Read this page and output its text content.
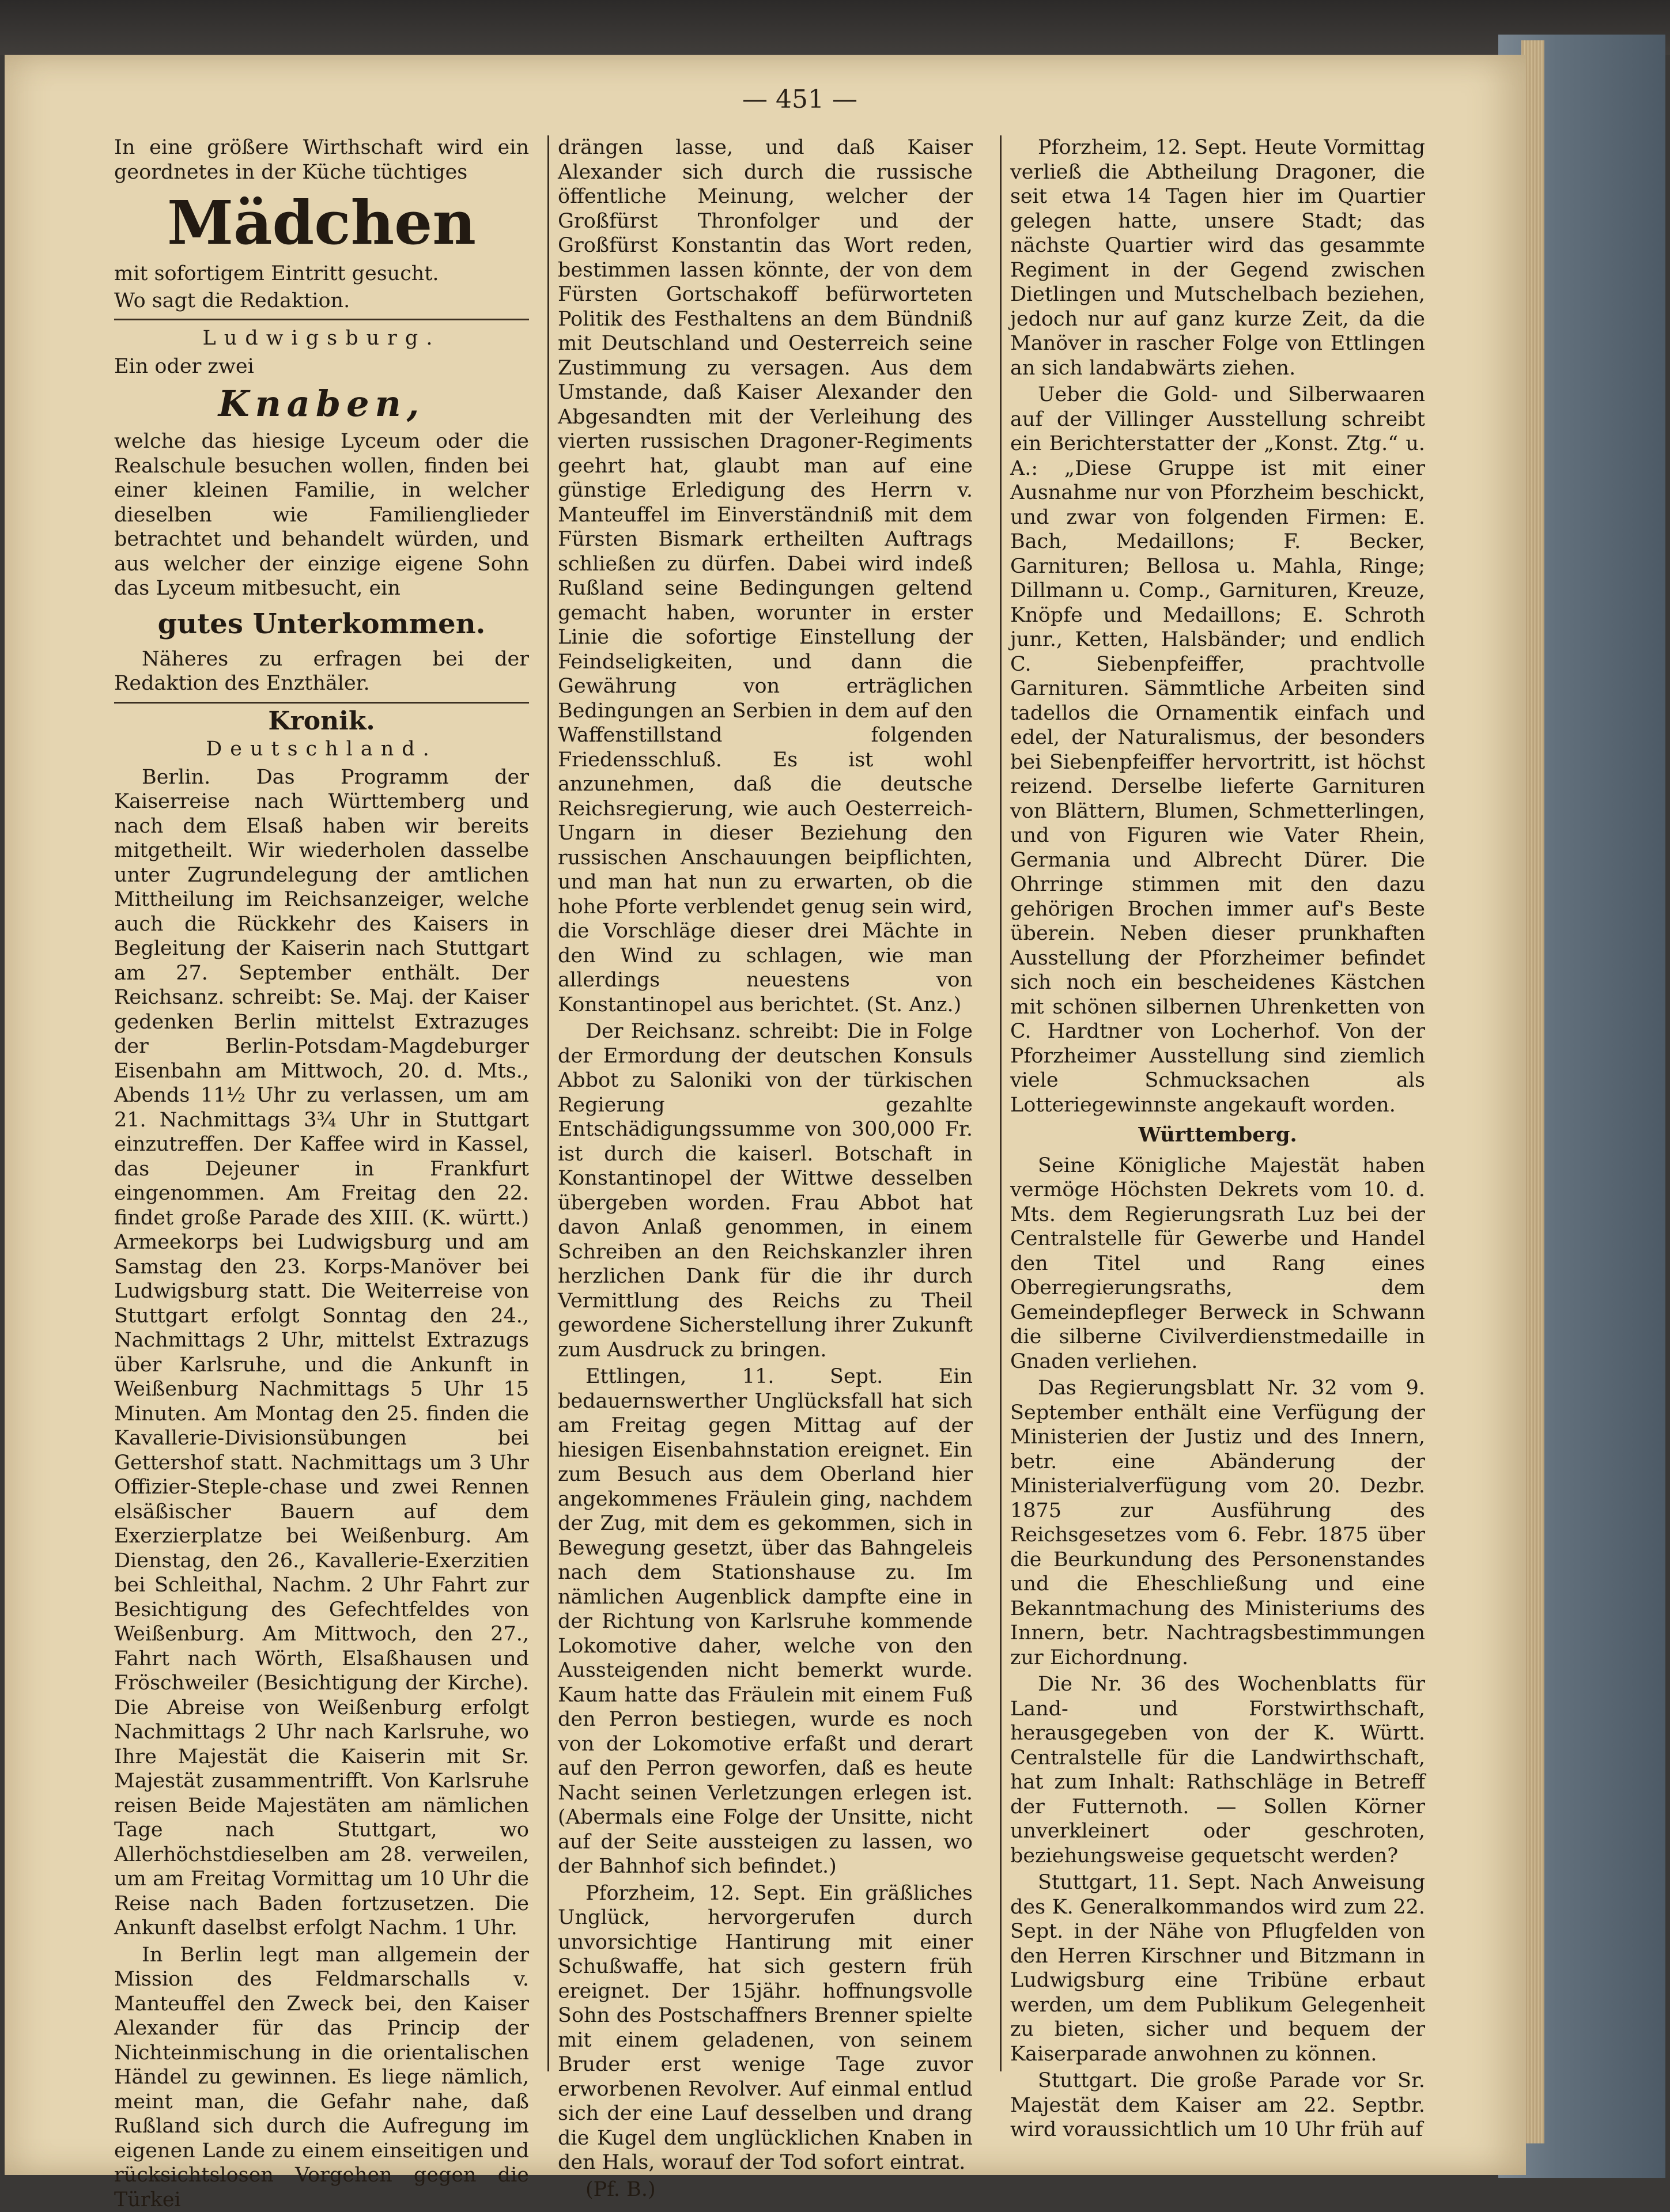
— 451 —

In eine größere Wirthschaft wird ein geordnetes in der Küche tüchtiges

Mädchen

mit sofortigem Eintritt gesucht.

Wo sagt die Redaktion.

Ludwigsburg.

Ein oder zwei

Knaben,

welche das hiesige Lyceum oder die Realschule besuchen wollen, finden bei einer kleinen Familie, in welcher dieselben wie Familienglieder betrachtet und behandelt würden, und aus welcher der einzige eigene Sohn das Lyceum mitbesucht, ein

gutes Unterkommen.

Näheres zu erfragen bei der Redaktion des Enzthäler.

Kronik.
Deutschland.

Berlin. Das Programm der Kaiserreise nach Württemberg und nach dem Elsaß haben wir bereits mitgetheilt. Wir wiederholen dasselbe unter Zugrundelegung der amtlichen Mittheilung im Reichsanzeiger, welche auch die Rückkehr des Kaisers in Begleitung der Kaiserin nach Stuttgart am 27. September enthält. Der Reichsanz. schreibt: Se. Maj. der Kaiser gedenken Berlin mittelst Extrazuges der Berlin-Potsdam-Magdeburger Eisenbahn am Mittwoch, 20. d. Mts., Abends 11½ Uhr zu verlassen, um am 21. Nachmittags 3¾ Uhr in Stuttgart einzutreffen. Der Kaffee wird in Kassel, das Dejeuner in Frankfurt eingenommen. Am Freitag den 22. findet große Parade des XIII. (K. württ.) Armeekorps bei Ludwigsburg und am Samstag den 23. Korps-Manöver bei Ludwigsburg statt. Die Weiterreise von Stuttgart erfolgt Sonntag den 24., Nachmittags 2 Uhr, mittelst Extrazugs über Karlsruhe, und die Ankunft in Weißenburg Nachmittags 5 Uhr 15 Minuten. Am Montag den 25. finden die Kavallerie-Divisionsübungen bei Gettershof statt. Nachmittags um 3 Uhr Offizier-Steple-chase und zwei Rennen elsäßischer Bauern auf dem Exerzierplatze bei Weißenburg. Am Dienstag, den 26., Kavallerie-Exerzitien bei Schleithal, Nachm. 2 Uhr Fahrt zur Besichtigung des Gefechtfeldes von Weißenburg. Am Mittwoch, den 27., Fahrt nach Wörth, Elsaßhausen und Fröschweiler (Besichtigung der Kirche). Die Abreise von Weißenburg erfolgt Nachmittags 2 Uhr nach Karlsruhe, wo Ihre Majestät die Kaiserin mit Sr. Majestät zusammentrifft. Von Karlsruhe reisen Beide Majestäten am nämlichen Tage nach Stuttgart, wo Allerhöchstdieselben am 28. verweilen, um am Freitag Vormittag um 10 Uhr die Reise nach Baden fortzusetzen. Die Ankunft daselbst erfolgt Nachm. 1 Uhr.

In Berlin legt man allgemein der Mission des Feldmarschalls v. Manteuffel den Zweck bei, den Kaiser Alexander für das Princip der Nichteinmischung in die orientalischen Händel zu gewinnen. Es liege nämlich, meint man, die Gefahr nahe, daß Rußland sich durch die Aufregung im eigenen Lande zu einem einseitigen und rücksichtslosen Vorgehen gegen die Türkei

drängen lasse, und daß Kaiser Alexander sich durch die russische öffentliche Meinung, welcher der Großfürst Thronfolger und der Großfürst Konstantin das Wort reden, bestimmen lassen könnte, der von dem Fürsten Gortschakoff befürworteten Politik des Festhaltens an dem Bündniß mit Deutschland und Oesterreich seine Zustimmung zu versagen. Aus dem Umstande, daß Kaiser Alexander den Abgesandten mit der Verleihung des vierten russischen Dragoner-Regiments geehrt hat, glaubt man auf eine günstige Erledigung des Herrn v. Manteuffel im Einverständniß mit dem Fürsten Bismark ertheilten Auftrags schließen zu dürfen. Dabei wird indeß Rußland seine Bedingungen geltend gemacht haben, worunter in erster Linie die sofortige Einstellung der Feindseligkeiten, und dann die Gewährung von erträglichen Bedingungen an Serbien in dem auf den Waffenstillstand folgenden Friedensschluß. Es ist wohl anzunehmen, daß die deutsche Reichsregierung, wie auch Oesterreich-Ungarn in dieser Beziehung den russischen Anschauungen beipflichten, und man hat nun zu erwarten, ob die hohe Pforte verblendet genug sein wird, die Vorschläge dieser drei Mächte in den Wind zu schlagen, wie man allerdings neuestens von Konstantinopel aus berichtet. (St. Anz.)

Der Reichsanz. schreibt: Die in Folge der Ermordung der deutschen Konsuls Abbot zu Saloniki von der türkischen Regierung gezahlte Entschädigungssumme von 300,000 Fr. ist durch die kaiserl. Botschaft in Konstantinopel der Wittwe desselben übergeben worden. Frau Abbot hat davon Anlaß genommen, in einem Schreiben an den Reichskanzler ihren herzlichen Dank für die ihr durch Vermittlung des Reichs zu Theil gewordene Sicherstellung ihrer Zukunft zum Ausdruck zu bringen.

Ettlingen, 11. Sept. Ein bedauernswerther Unglücksfall hat sich am Freitag gegen Mittag auf der hiesigen Eisenbahnstation ereignet. Ein zum Besuch aus dem Oberland hier angekommenes Fräulein ging, nachdem der Zug, mit dem es gekommen, sich in Bewegung gesetzt, über das Bahngeleis nach dem Stationshause zu. Im nämlichen Augenblick dampfte eine in der Richtung von Karlsruhe kommende Lokomotive daher, welche von den Aussteigenden nicht bemerkt wurde. Kaum hatte das Fräulein mit einem Fuß den Perron bestiegen, wurde es noch von der Lokomotive erfaßt und derart auf den Perron geworfen, daß es heute Nacht seinen Verletzungen erlegen ist. (Abermals eine Folge der Unsitte, nicht auf der Seite aussteigen zu lassen, wo der Bahnhof sich befindet.)

Pforzheim, 12. Sept. Ein gräßliches Unglück, hervorgerufen durch unvorsichtige Hantirung mit einer Schußwaffe, hat sich gestern früh ereignet. Der 15jähr. hoffnungsvolle Sohn des Postschaffners Brenner spielte mit einem geladenen, von seinem Bruder erst wenige Tage zuvor erworbenen Revolver. Auf einmal entlud sich der eine Lauf desselben und drang die Kugel dem unglücklichen Knaben in den Hals, worauf der Tod sofort eintrat.

(Pf. B.)

Pforzheim, 12. Sept. Heute Vormittag verließ die Abtheilung Dragoner, die seit etwa 14 Tagen hier im Quartier gelegen hatte, unsere Stadt; das nächste Quartier wird das gesammte Regiment in der Gegend zwischen Dietlingen und Mutschelbach beziehen, jedoch nur auf ganz kurze Zeit, da die Manöver in rascher Folge von Ettlingen an sich landabwärts ziehen.

Ueber die Gold- und Silberwaaren auf der Villinger Ausstellung schreibt ein Berichterstatter der „Konst. Ztg.“ u. A.: „Diese Gruppe ist mit einer Ausnahme nur von Pforzheim beschickt, und zwar von folgenden Firmen: E. Bach, Medaillons; F. Becker, Garnituren; Bellosa u. Mahla, Ringe; Dillmann u. Comp., Garnituren, Kreuze, Knöpfe und Medaillons; E. Schroth junr., Ketten, Halsbänder; und endlich C. Siebenpfeiffer, prachtvolle Garnituren. Sämmtliche Arbeiten sind tadellos die Ornamentik einfach und edel, der Naturalismus, der besonders bei Siebenpfeiffer hervortritt, ist höchst reizend. Derselbe lieferte Garnituren von Blättern, Blumen, Schmetterlingen, und von Figuren wie Vater Rhein, Germania und Albrecht Dürer. Die Ohrringe stimmen mit den dazu gehörigen Brochen immer auf's Beste überein. Neben dieser prunkhaften Ausstellung der Pforzheimer befindet sich noch ein bescheidenes Kästchen mit schönen silbernen Uhrenketten von C. Hardtner von Locherhof. Von der Pforzheimer Ausstellung sind ziemlich viele Schmucksachen als Lotteriegewinnste angekauft worden.

Württemberg.

Seine Königliche Majestät haben vermöge Höchsten Dekrets vom 10. d. Mts. dem Regierungsrath Luz bei der Centralstelle für Gewerbe und Handel den Titel und Rang eines Oberregierungsraths, dem Gemeindepfleger Berweck in Schwann die silberne Civilverdienstmedaille in Gnaden verliehen.

Das Regierungsblatt Nr. 32 vom 9. September enthält eine Verfügung der Ministerien der Justiz und des Innern, betr. eine Abänderung der Ministerialverfügung vom 20. Dezbr. 1875 zur Ausführung des Reichsgesetzes vom 6. Febr. 1875 über die Beurkundung des Personenstandes und die Eheschließung und eine Bekanntmachung des Ministeriums des Innern, betr. Nachtragsbestimmungen zur Eichordnung.

Die Nr. 36 des Wochenblatts für Land- und Forstwirthschaft, herausgegeben von der K. Württ. Centralstelle für die Landwirthschaft, hat zum Inhalt: Rathschläge in Betreff der Futternoth. — Sollen Körner unverkleinert oder geschroten, beziehungsweise gequetscht werden?

Stuttgart, 11. Sept. Nach Anweisung des K. Generalkommandos wird zum 22. Sept. in der Nähe von Pflugfelden von den Herren Kirschner und Bitzmann in Ludwigsburg eine Tribüne erbaut werden, um dem Publikum Gelegenheit zu bieten, sicher und bequem der Kaiserparade anwohnen zu können.

Stuttgart. Die große Parade vor Sr. Majestät dem Kaiser am 22. Septbr. wird voraussichtlich um 10 Uhr früh auf
